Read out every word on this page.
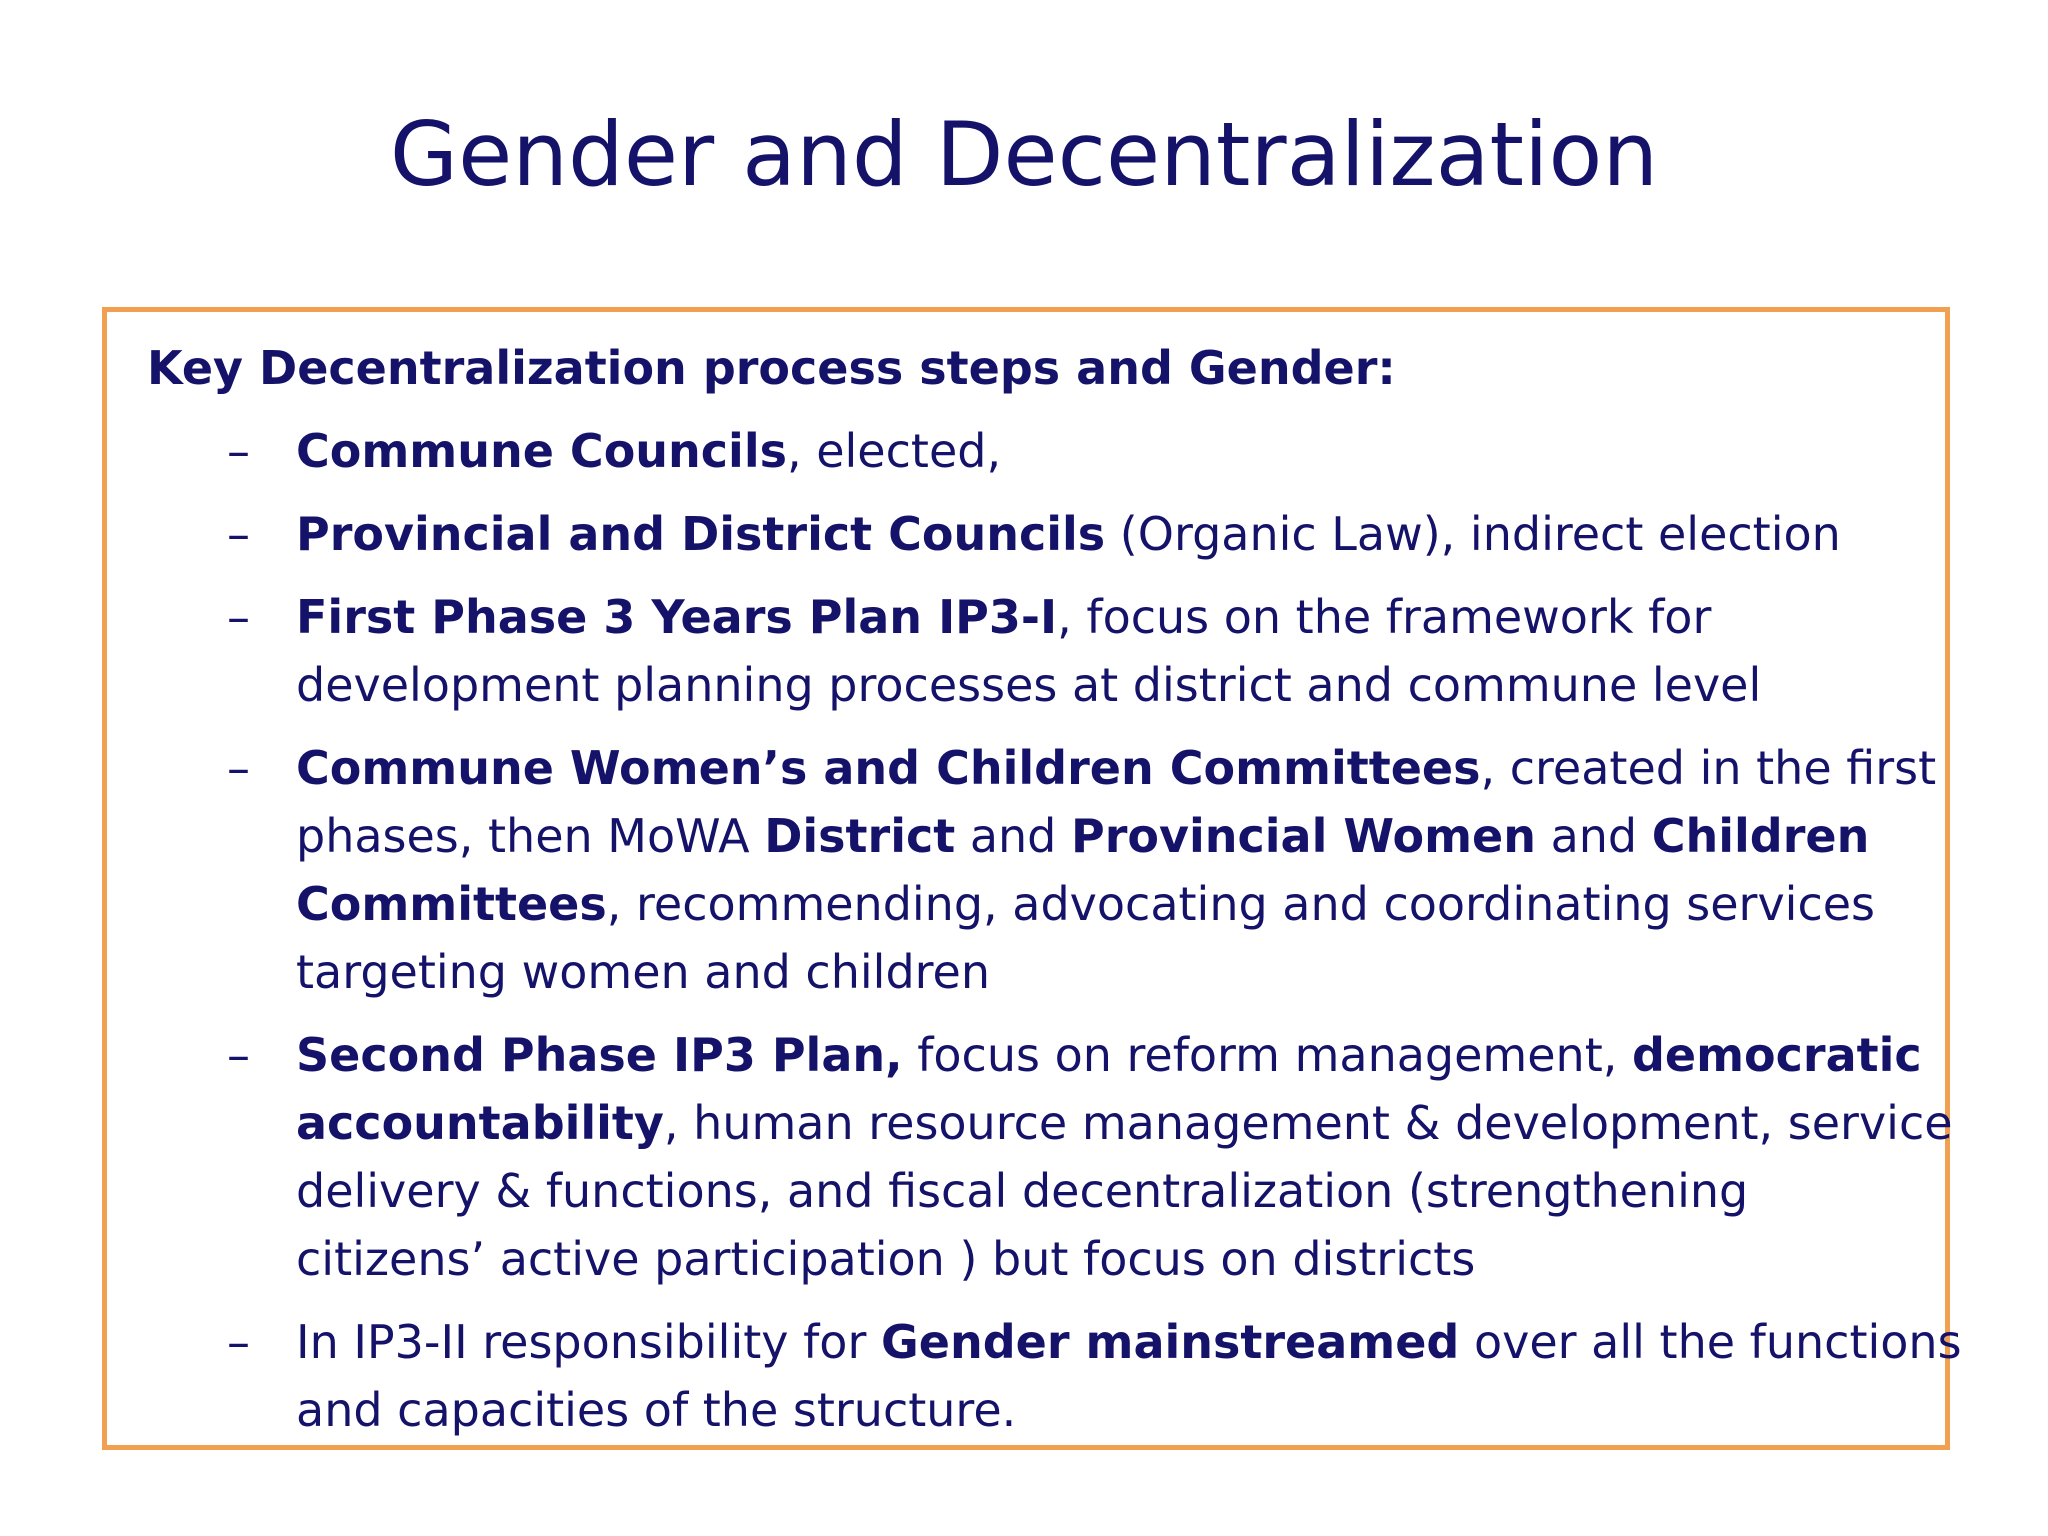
Gender and Decentralization

Key Decentralization process steps and Gender:

–	Commune Councils, elected,
–	Provincial and District Councils (Organic Law), indirect election
–	First Phase 3 Years Plan IP3-I, focus on the framework for
development planning processes at district and commune level
–	Commune Women’s and Children Committees, created in the first
phases, then MoWA District and Provincial Women and Children
Committees, recommending, advocating and coordinating services
targeting women and children
–	Second Phase IP3 Plan, focus on reform management, democratic
accountability, human resource management & development, service
delivery & functions, and fiscal decentralization (strengthening
citizens’ active participation ) but focus on districts
–	In IP3-II responsibility for Gender mainstreamed over all the functions
and capacities of the structure.
